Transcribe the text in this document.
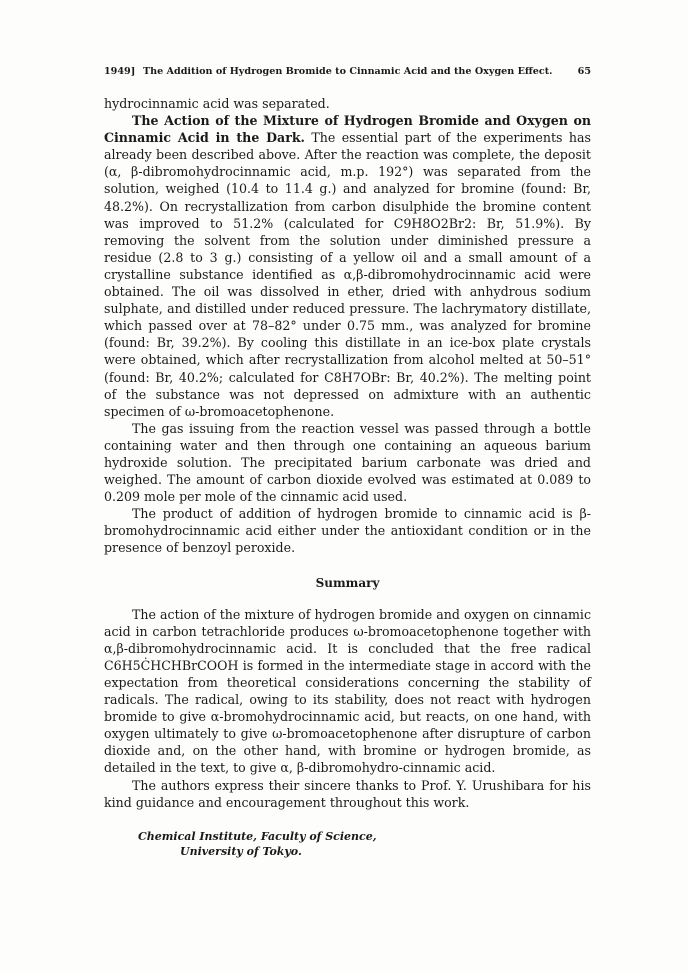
1949] The Addition of Hydrogen Bromide to Cinnamic Acid and the Oxygen Effect.	65

hydrocinnamic acid was separated.

The Action of the Mixture of Hydrogen Bromide and Oxygen on Cinnamic Acid in the Dark. The essential part of the experiments has already been described above. After the reaction was complete, the deposit (α, β-dibromohydrocinnamic acid, m.p. 192°) was separated from the solution, weighed (10.4 to 11.4 g.) and analyzed for bromine (found: Br, 48.2%). On recrystallization from carbon disulphide the bromine content was improved to 51.2% (calculated for C9H8O2Br2: Br, 51.9%). By removing the solvent from the solution under diminished pressure a residue (2.8 to 3 g.) consisting of a yellow oil and a small amount of a crystalline substance identified as α,β-dibromohydrocinnamic acid were obtained. The oil was dissolved in ether, dried with anhydrous sodium sulphate, and distilled under reduced pressure. The lachrymatory distillate, which passed over at 78–82° under 0.75 mm., was analyzed for bromine (found: Br, 39.2%). By cooling this distillate in an ice-box plate crystals were obtained, which after recrystallization from alcohol melted at 50–51° (found: Br, 40.2%; calculated for C8H7OBr: Br, 40.2%). The melting point of the substance was not depressed on admixture with an authentic specimen of ω-bromoacetophenone.

The gas issuing from the reaction vessel was passed through a bottle containing water and then through one containing an aqueous barium hydroxide solution. The precipitated barium carbonate was dried and weighed. The amount of carbon dioxide evolved was estimated at 0.089 to 0.209 mole per mole of the cinnamic acid used.

The product of addition of hydrogen bromide to cinnamic acid is β-bromohydrocinnamic acid either under the antioxidant condition or in the presence of benzoyl peroxide.

Summary

The action of the mixture of hydrogen bromide and oxygen on cinnamic acid in carbon tetrachloride produces ω-bromoacetophenone together with α,β-dibromohydrocinnamic acid. It is concluded that the free radical C6H5ĊHCHBrCOOH is formed in the intermediate stage in accord with the expectation from theoretical considerations concerning the stability of radicals. The radical, owing to its stability, does not react with hydrogen bromide to give α-bromohydrocinnamic acid, but reacts, on one hand, with oxygen ultimately to give ω-bromoacetophenone after disrupture of carbon dioxide and, on the other hand, with bromine or hydrogen bromide, as detailed in the text, to give α, β-dibromohydro-cinnamic acid.

The authors express their sincere thanks to Prof. Y. Urushibara for his kind guidance and encouragement throughout this work.

Chemical Institute, Faculty of Science,
University of Tokyo.
